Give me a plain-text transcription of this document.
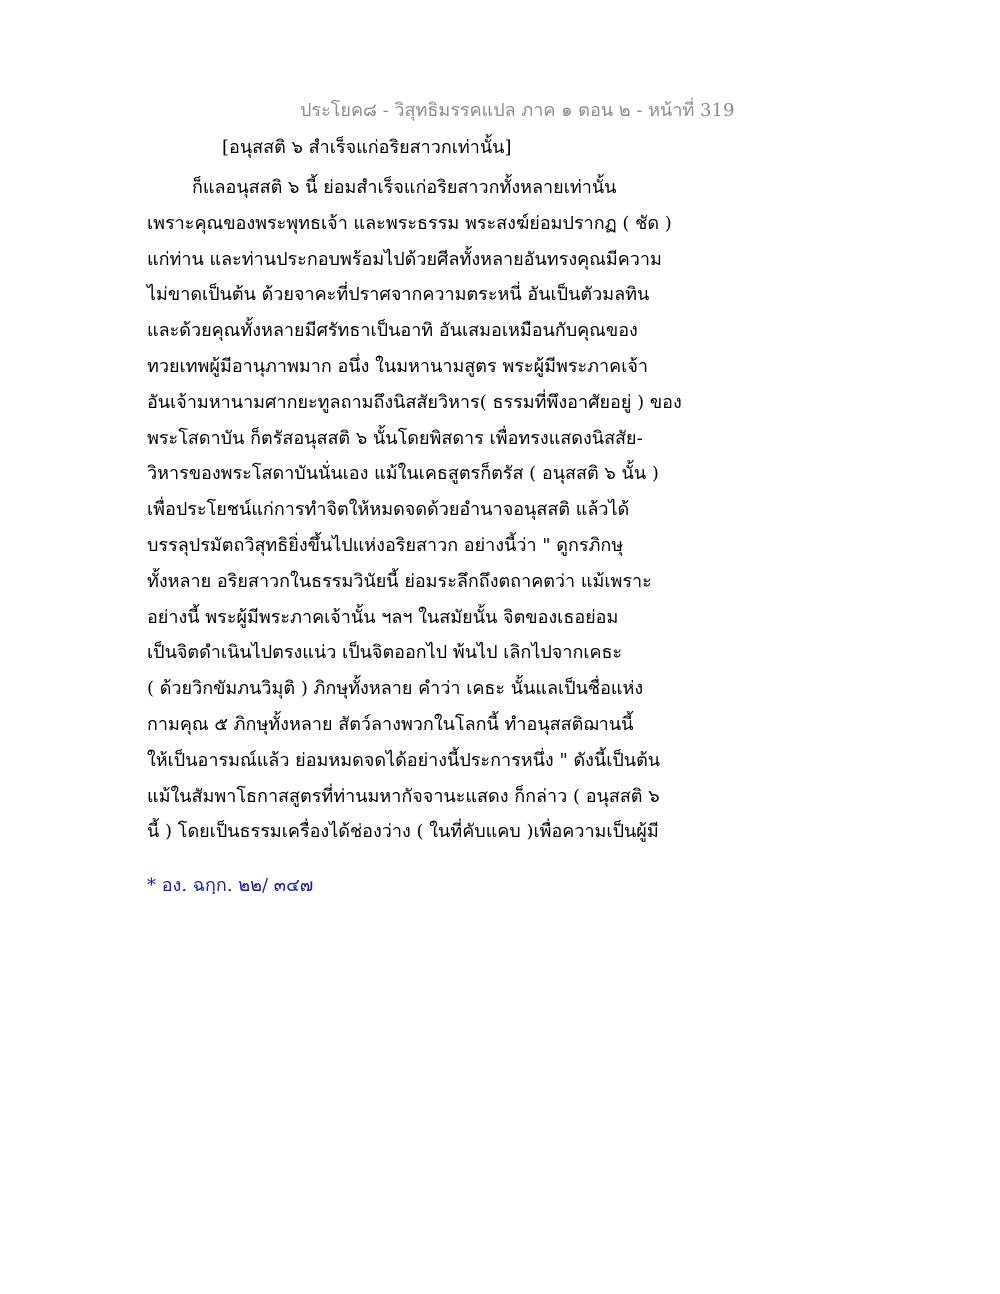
ประโยค๘ - วิสุทธิมรรคแปล ภาค ๑ ตอน ๒ - หน้าที่ 319
[อนุสสติ ๖ สำเร็จแก่อริยสาวกเท่านั้น]
ก็แลอนุสสติ ๖ นี้ ย่อมสำเร็จแก่อริยสาวกทั้งหลายเท่านั้น
เพราะคุณของพระพุทธเจ้า และพระธรรม พระสงฆ์ย่อมปรากฏ ( ชัด )
แก่ท่าน และท่านประกอบพร้อมไปด้วยศีลทั้งหลายอันทรงคุณมีความ
ไม่ขาดเป็นต้น ด้วยจาคะที่ปราศจากความตระหนี่ อันเป็นตัวมลทิน
และด้วยคุณทั้งหลายมีศรัทธาเป็นอาทิ อันเสมอเหมือนกับคุณของ
ทวยเทพผู้มีอานุภาพมาก อนึ่ง ในมหานามสูตร พระผู้มีพระภาคเจ้า
อันเจ้ามหานามศากยะทูลถามถึงนิสสัยวิหาร( ธรรมที่พึงอาศัยอยู่ ) ของ
พระโสดาบัน ก็ตรัสอนุสสติ ๖ นั้นโดยพิสดาร เพื่อทรงแสดงนิสสัย-
วิหารของพระโสดาบันนั่นเอง แม้ในเคธสูตรก็ตรัส ( อนุสสติ ๖ นั้น )
เพื่อประโยชน์แก่การทำจิตให้หมดจดด้วยอำนาจอนุสสติ แล้วได้
บรรลุปรมัตถวิสุทธิยิ่งขึ้นไปแห่งอริยสาวก อย่างนี้ว่า " ดูกรภิกษุ
ทั้งหลาย อริยสาวกในธรรมวินัยนี้ ย่อมระลึกถึงตถาคตว่า แม้เพราะ
อย่างนี้ พระผู้มีพระภาคเจ้านั้น ฯลฯ ในสมัยนั้น จิตของเธอย่อม
เป็นจิตดำเนินไปตรงแน่ว เป็นจิตออกไป พ้นไป เลิกไปจากเคธะ
( ด้วยวิกขัมภนวิมุติ ) ภิกษุทั้งหลาย คำว่า เคธะ นั้นแลเป็นชื่อแห่ง
กามคุณ ๕ ภิกษุทั้งหลาย สัตว์ลางพวกในโลกนี้ ทำอนุสสติฌานนี้
ให้เป็นอารมณ์แล้ว ย่อมหมดจดได้อย่างนี้ประการหนึ่ง " ดังนี้เป็นต้น
แม้ในสัมพาโธกาสสูตรที่ท่านมหากัจจานะแสดง ก็กล่าว ( อนุสสติ ๖
นี้ ) โดยเป็นธรรมเครื่องได้ช่องว่าง ( ในที่คับแคบ )เพื่อความเป็นผู้มี
* อง. ฉกฺก. ๒๒/ ๓๔๗
